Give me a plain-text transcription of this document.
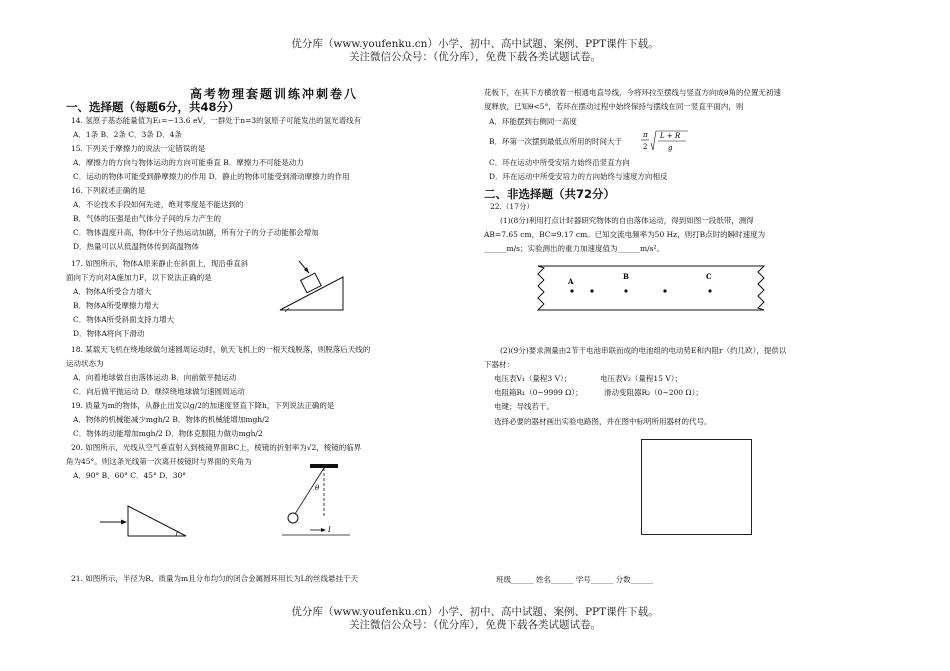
优分库（www.youfenku.cn）小学、初中、高中试题、案例、PPT课件下载。
关注微信公众号：（优分库），免费下载各类试题试卷。
优分库（www.youfenku.cn）小学、初中、高中试题、案例、PPT课件下载。
关注微信公众号：（优分库），免费下载各类试题试卷。
高考物理套题训练冲刺卷八
一、选择题（每题6分，共48分）
二、非选择题（共72分）
14. 氢原子基态能量值为E₁=−13.6 eV，一群处于n=3的氢原子可能发出的氢光谱线有
A．1条 B．2条 C．3条 D．4条
15. 下列关于摩擦力的说法一定错误的是
A．摩擦力的方向与物体运动的方向可能垂直 B．摩擦力不可能是动力
C．运动的物体可能受到静摩擦力的作用 D．静止的物体可能受到滑动摩擦力的作用
16. 下列叙述正确的是
A．不论技术手段如何先进，绝对零度是不能达到的
B．气体的压强是由气体分子间的斥力产生的
C．物体温度升高，物体中分子热运动加剧，所有分子的分子动能都会增加
D．热量可以从低温物体传到高温物体
17. 如图所示，物体A原来静止在斜面上，现沿垂直斜
面向下方向对A施加力F，以下说法正确的是
A．物体A所受合力增大
B．物体A所受摩擦力增大
C．物体A所受斜面支持力增大
D．物体A将向下滑动
18. 某载天飞机在绕地球做匀速圆周运动时，航天飞机上的一根天线脱落，则脱落后天线的
运动状态为
A．向着地球做自由落体运动 B．向前做平抛运动
C．向后做平抛运动 D．继续绕地球做匀速圆周运动
19. 质量为m的物体，从静止出发以g/2的加速度竖直下降h，下列说法正确的是
A．物体的机械能减少mgh/2 B．物体的机械能增加mgh/2
C．物体的动能增加mgh/2 D．物体克服阻力做功mgh/2
20. 如图所示，光线从空气垂直射入到棱镜界面BC上，棱镜的折射率为√2，棱镜的临界
角为45°。则这条光线第一次离开棱镜时与界面的夹角为
A．90° B．60° C．45° D．30°
21. 如图所示，半径为R、质量为m且分布均匀的闭合金属圆环用长为L的丝线悬挂于天
θ
I
花板下，在其下方横放着一根通电直导线，今将环拉至摆线与竖直方向成θ角的位置无初速
度释放，已知θ<5°，若环在摆动过程中始终保持与摆线在同一竖直平面内，则
A．环能摆到右侧同一高度
B．环第一次摆到最低点所用的时间大于
π
2
L + R
g
C．环在运动中所受安培力始终沿竖直方向
D．环在运动中所受安培力的方向始终与速度方向相反
22.（17分）
(1)(8分)利用打点计时器研究物体的自由落体运动，得到如图一段纸带，测得
AB=7.65 cm，BC=9.17 cm。已知交流电频率为50 Hz，则打B点时的瞬时速度为
______m/s；实验测出的重力加速度值为______m/s²。
A
B	C
(2)(9分)要求测量由2节干电池串联而成的电池组的电动势E和内阻r（约几欧），提供以
下器材：
电压表V₁（量程3 V）；	电压表V₂（量程15 V）；
电阻箱R₁（0~9999 Ω）；	滑动变阻器R₂（0~200 Ω）；
电键；导线若干。
选择必要的器材画出实验电路图，并在图中标明所用器材的代号。
班级______ 姓名______ 学号______ 分数______
